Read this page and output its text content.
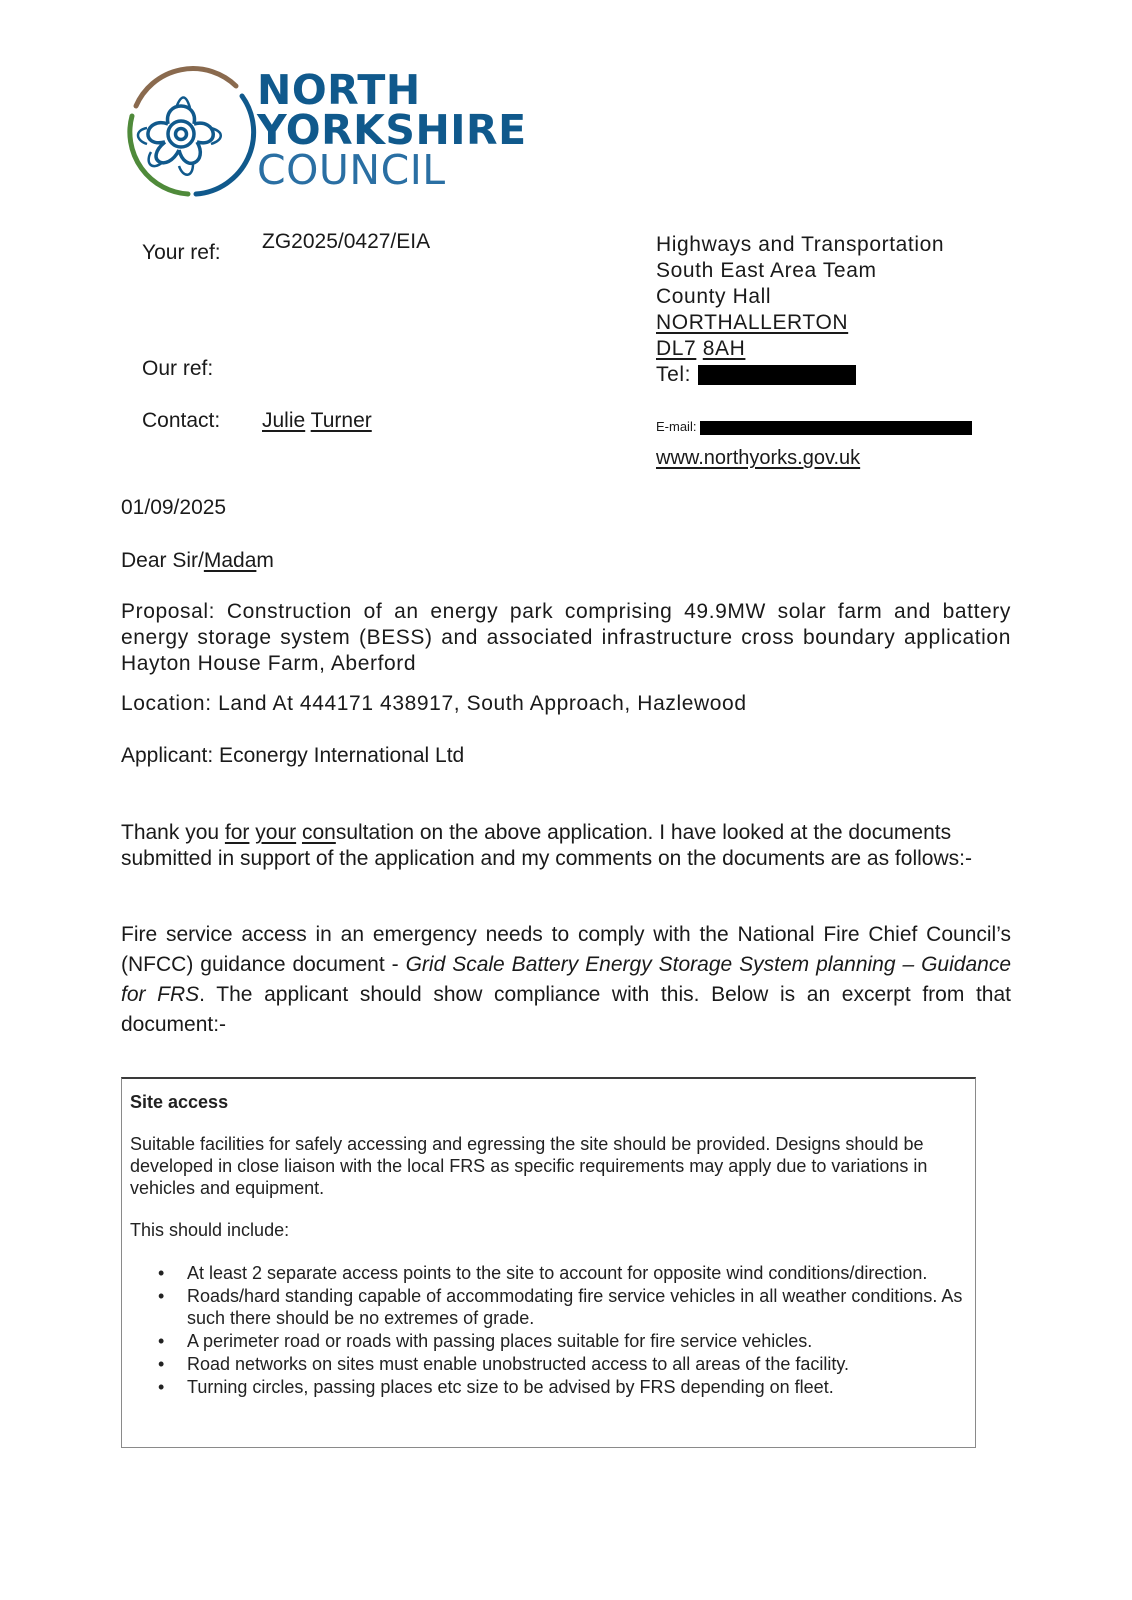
NORTH
YORKSHIRE
COUNCIL
Your ref: ZG2025/0427/EIA
Our ref:
Contact: Julie Turner
Highways and Transportation
South East Area Team
County Hall
NORTHALLERTON
DL7 8AH
Tel:
E-mail:
www.northyorks.gov.uk
01/09/2025
Dear Sir/Madam
Proposal: Construction of an energy park comprising 49.9MW solar farm and battery energy storage system (BESS) and associated infrastructure cross boundary application Hayton House Farm, Aberford
Location: Land At 444171 438917, South Approach, Hazlewood
Applicant: Econergy International Ltd
Thank you for your consultation on the above application. I have looked at the documents submitted in support of the application and my comments on the documents are as follows:-
Fire service access in an emergency needs to comply with the National Fire Chief Council’s (NFCC) guidance document - Grid Scale Battery Energy Storage System planning – Guidance for FRS. The applicant should show compliance with this. Below is an excerpt from that document:-
Site access

Suitable facilities for safely accessing and egressing the site should be provided. Designs should be developed in close liaison with the local FRS as specific requirements may apply due to variations in vehicles and equipment.

This should include:

• At least 2 separate access points to the site to account for opposite wind conditions/direction.
• Roads/hard standing capable of accommodating fire service vehicles in all weather conditions. As such there should be no extremes of grade.
• A perimeter road or roads with passing places suitable for fire service vehicles.
• Road networks on sites must enable unobstructed access to all areas of the facility.
• Turning circles, passing places etc size to be advised by FRS depending on fleet.
